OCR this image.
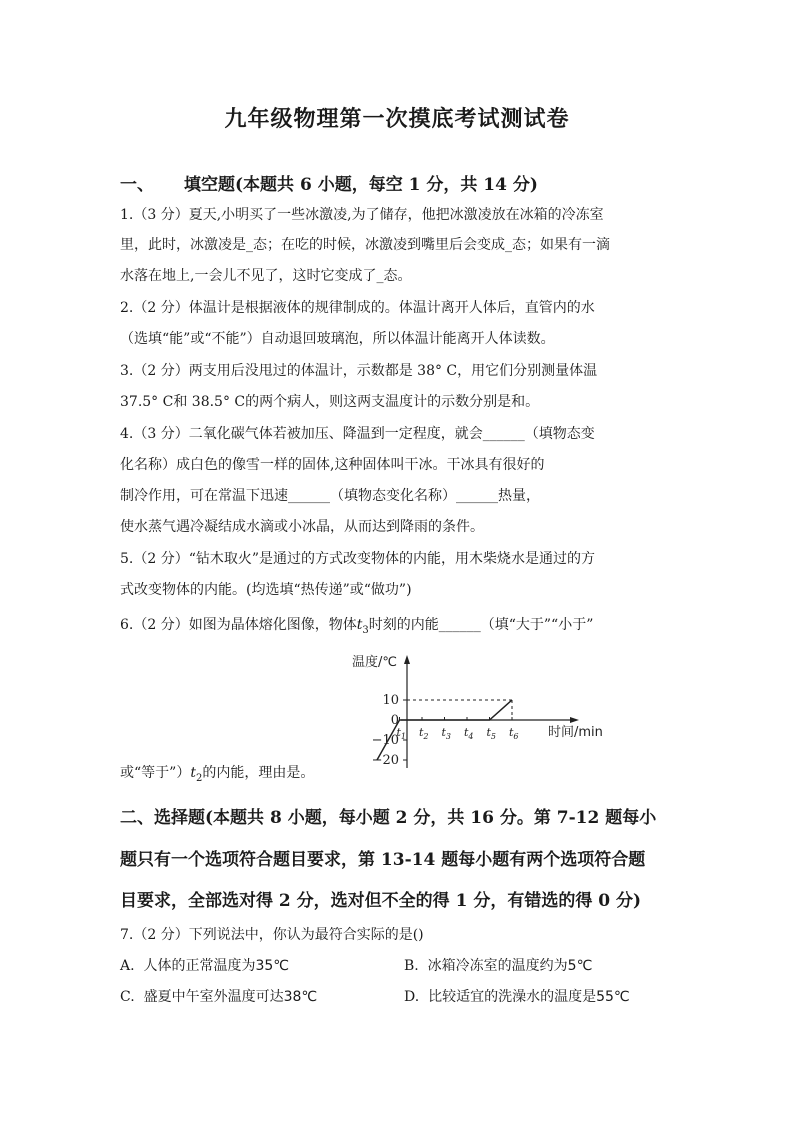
九年级物理第一次摸底考试测试卷
一、 填空题(本题共 6 小题，每空 1 分，共 14 分)
1.（3 分）夏天,小明买了一些冰激凌,为了储存，他把冰激凌放在冰箱的冷冻室
里，此时，冰激凌是_态；在吃的时候，冰激凌到嘴里后会变成_态；如果有一滴
水落在地上,一会儿不见了，这时它变成了_态。
2.（2 分）体温计是根据液体的规律制成的。体温计离开人体后，直管内的水
（选填“能”或“不能”）自动退回玻璃泡，所以体温计能离开人体读数。
3.（2 分）两支用后没甩过的体温计，示数都是 38° C，用它们分别测量体温
37.5° C和 38.5° C的两个病人，则这两支温度计的示数分别是和。
4.（3 分）二氧化碳气体若被加压、降温到一定程度，就会______（填物态变
化名称）成白色的像雪一样的固体,这种固体叫干冰。干冰具有很好的
制冷作用，可在常温下迅速______（填物态变化名称）______热量，
使水蒸气遇冷凝结成水滴或小冰晶，从而达到降雨的条件。
5.（2 分）“钻木取火”是通过的方式改变物体的内能，用木柴烧水是通过的方
式改变物体的内能。(均选填“热传递”或“做功”)
6.（2 分）如图为晶体熔化图像，物体$t_3$时刻的内能______（填“大于”“小于”
温度/℃
时间/min
10
0
−10
−20
$t_1$ $t_2$ $t_3$ $t_4$ $t_5$ $t_6$
或“等于$”)t_2$的内能，理由是。
二、选择题(本题共 8 小题，每小题 2 分，共 16 分。第 7-12 题每小
题只有一个选项符合题目要求，第 13-14 题每小题有两个选项符合题
目要求，全部选对得 2 分，选对但不全的得 1 分，有错选的得 0 分)
7.（2 分）下列说法中，你认为最符合实际的是()
A. 人体的正常温度为35℃	B. 冰箱冷冻室的温度约为5℃
C. 盛夏中午室外温度可达38℃	D. 比较适宜的洗澡水的温度是55℃
